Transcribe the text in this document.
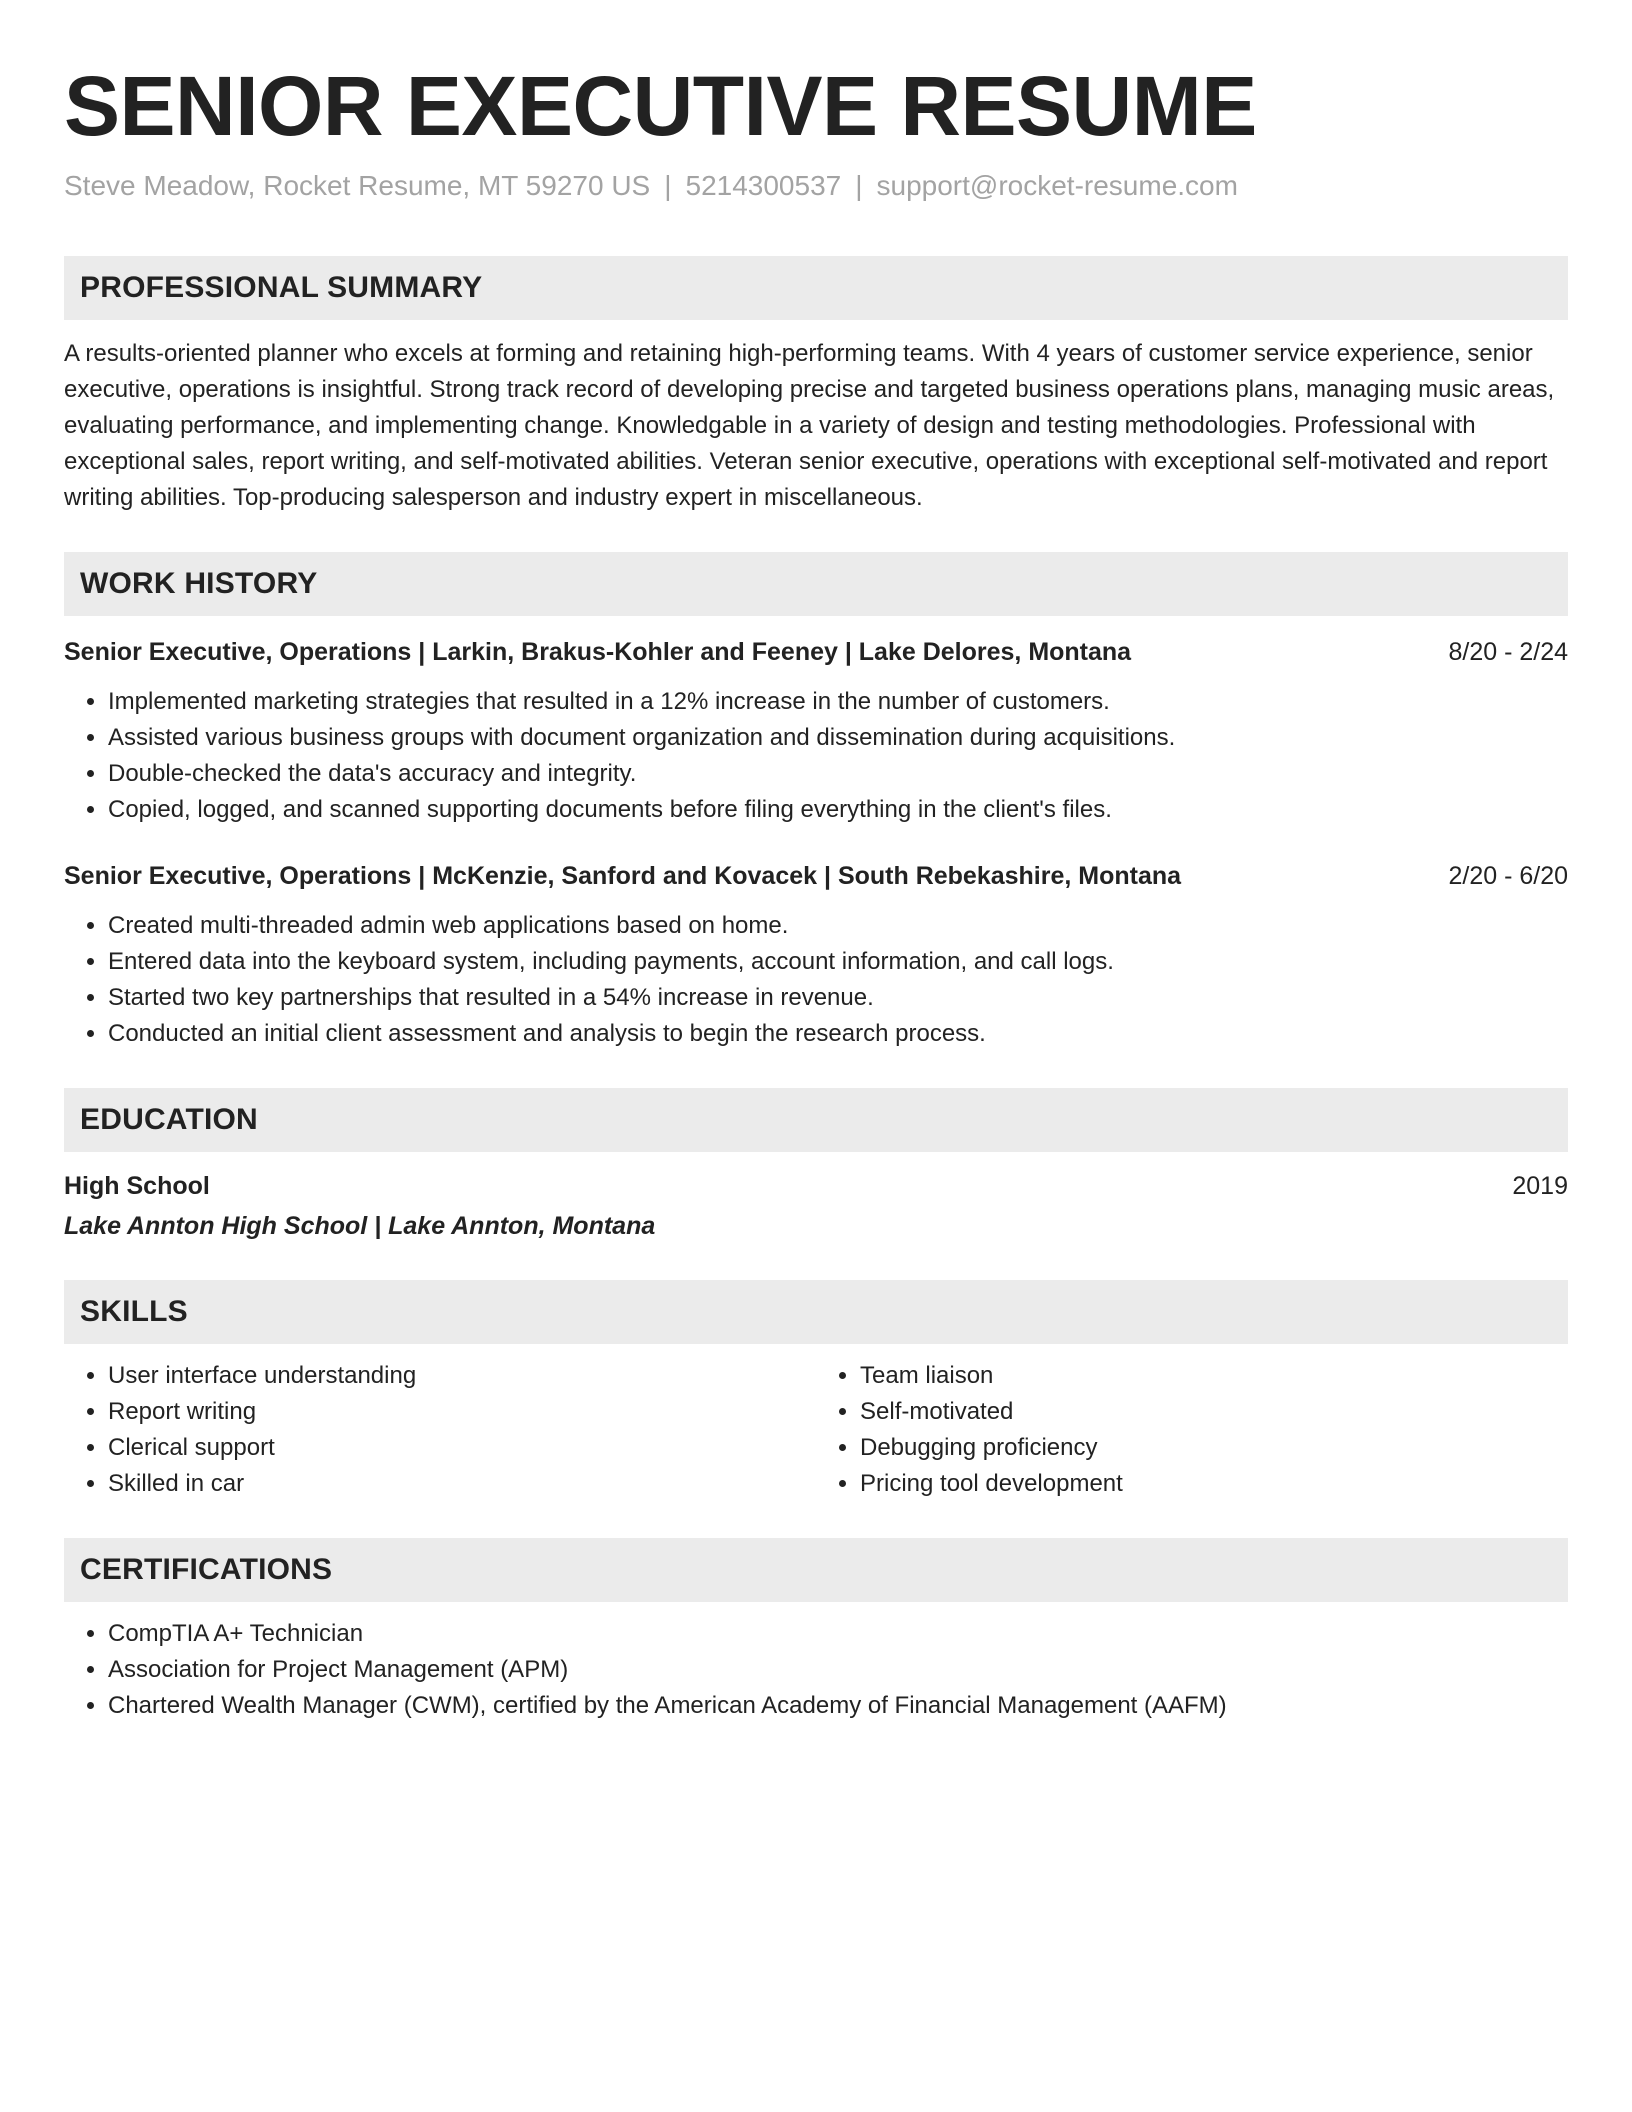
SENIOR EXECUTIVE RESUME
Steve Meadow, Rocket Resume, MT 59270 US | 5214300537 | support@rocket-resume.com
PROFESSIONAL SUMMARY

A results-oriented planner who excels at forming and retaining high-performing teams. With 4 years of customer service experience, senior executive, operations is insightful. Strong track record of developing precise and targeted business operations plans, managing music areas, evaluating performance, and implementing change. Knowledgable in a variety of design and testing methodologies. Professional with exceptional sales, report writing, and self-motivated abilities. Veteran senior executive, operations with exceptional self-motivated and report writing abilities. Top-producing salesperson and industry expert in miscellaneous.

WORK HISTORY
Senior Executive, Operations | Larkin, Brakus-Kohler and Feeney | Lake Delores, Montana	8/20 - 2/24
• Implemented marketing strategies that resulted in a 12% increase in the number of customers.
• Assisted various business groups with document organization and dissemination during acquisitions.
• Double-checked the data's accuracy and integrity.
• Copied, logged, and scanned supporting documents before filing everything in the client's files.
Senior Executive, Operations | McKenzie, Sanford and Kovacek | South Rebekashire, Montana	2/20 - 6/20
• Created multi-threaded admin web applications based on home.
• Entered data into the keyboard system, including payments, account information, and call logs.
• Started two key partnerships that resulted in a 54% increase in revenue.
• Conducted an initial client assessment and analysis to begin the research process.
EDUCATION
High School	2019
Lake Annton High School | Lake Annton, Montana
SKILLS
• User interface understanding
• Report writing
• Clerical support
• Skilled in car
• Team liaison
• Self-motivated
• Debugging proficiency
• Pricing tool development
CERTIFICATIONS
• CompTIA A+ Technician
• Association for Project Management (APM)
• Chartered Wealth Manager (CWM), certified by the American Academy of Financial Management (AAFM)
